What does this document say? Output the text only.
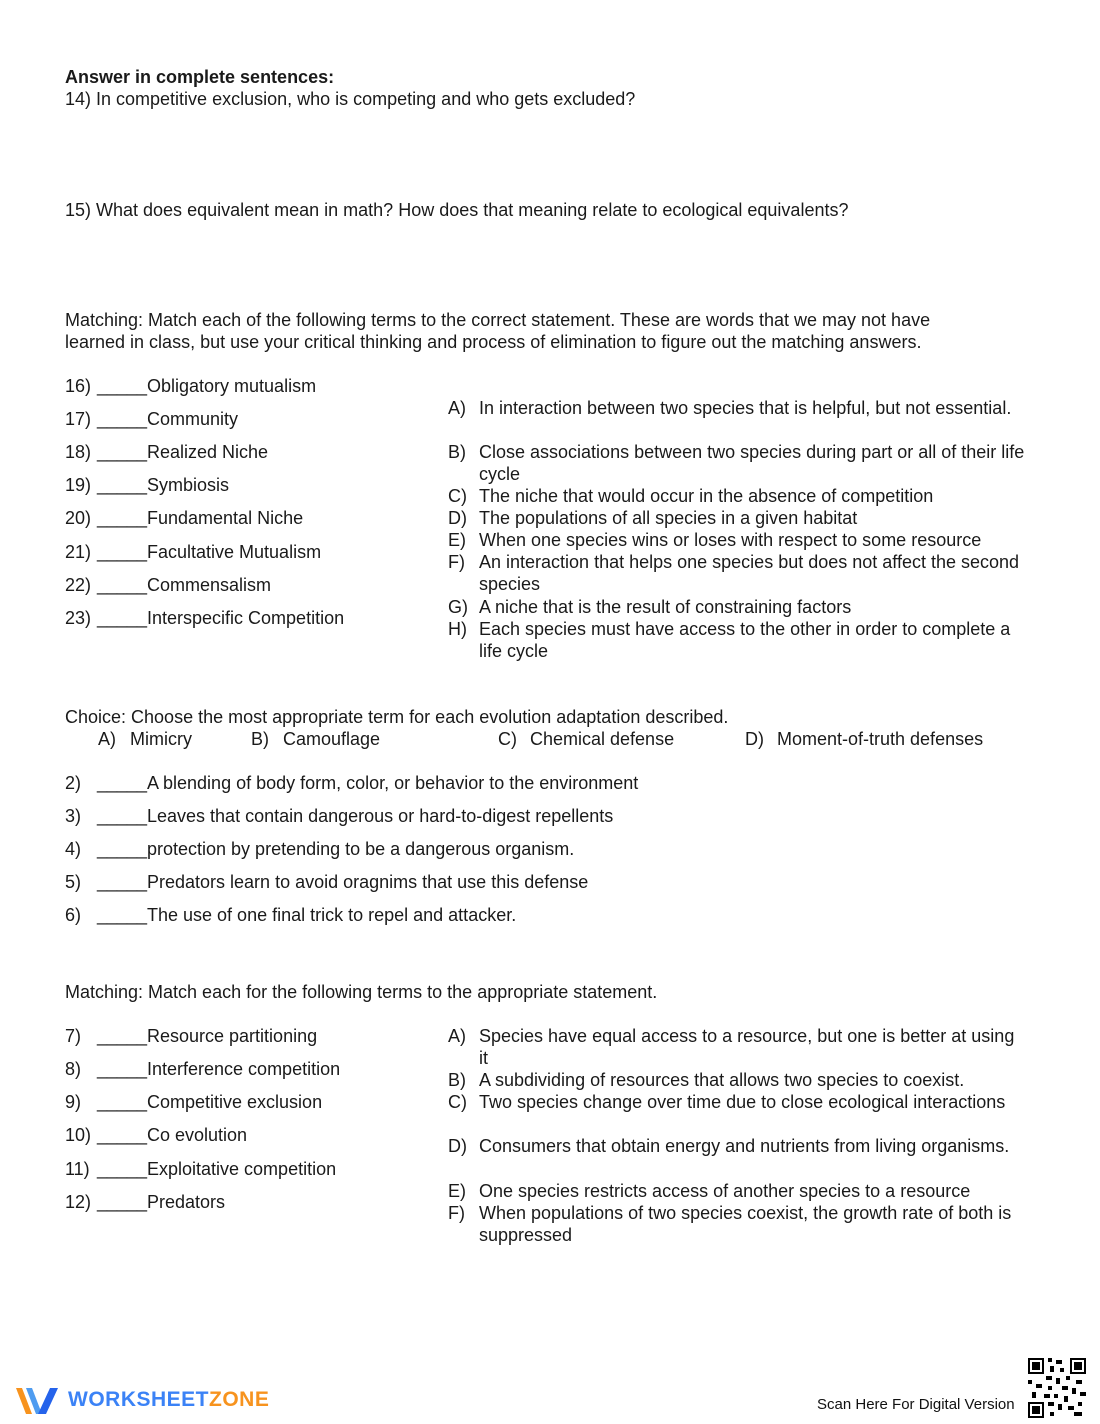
Answer in complete sentences:
14) In competitive exclusion, who is competing and who gets excluded?
15) What does equivalent mean in math? How does that meaning relate to ecological equivalents?
Matching: Match each of the following terms to the correct statement. These are words that we may not have
learned in class, but use your critical thinking and process of elimination to figure out the matching answers.
16) _____ Obligatory mutualism
17) _____ Community
18) _____ Realized Niche
19) _____ Symbiosis
20) _____ Fundamental Niche
21) _____ Facultative Mutualism
22) _____ Commensalism
23) _____ Interspecific Competition
A) In interaction between two species that is helpful, but not essential.
B) Close associations between two species during part or all of their life cycle
C) The niche that would occur in the absence of competition
D) The populations of all species in a given habitat
E) When one species wins or loses with respect to some resource
F) An interaction that helps one species but does not affect the second species
G) A niche that is the result of constraining factors
H) Each species must have access to the other in order to complete a life cycle
Choice: Choose the most appropriate term for each evolution adaptation described.
A) Mimicry	B) Camouflage	C) Chemical defense	D) Moment-of-truth defenses
2) _____ A blending of body form, color, or behavior to the environment
3) _____ Leaves that contain dangerous or hard-to-digest repellents
4) _____ protection by pretending to be a dangerous organism.
5) _____ Predators learn to avoid oragnims that use this defense
6) _____ The use of one final trick to repel and attacker.
Matching: Match each for the following terms to the appropriate statement.
7) _____ Resource partitioning
8) _____ Interference competition
9) _____ Competitive exclusion
10) _____ Co evolution
11) _____ Exploitative competition
12) _____ Predators
A) Species have equal access to a resource, but one is better at using it
B) A subdividing of resources that allows two species to coexist.
C) Two species change over time due to close ecological interactions
D) Consumers that obtain energy and nutrients from living organisms.
E) One species restricts access of another species to a resource
F) When populations of two species coexist, the growth rate of both is suppressed
WORKSHEETZONE	Scan Here For Digital Version
